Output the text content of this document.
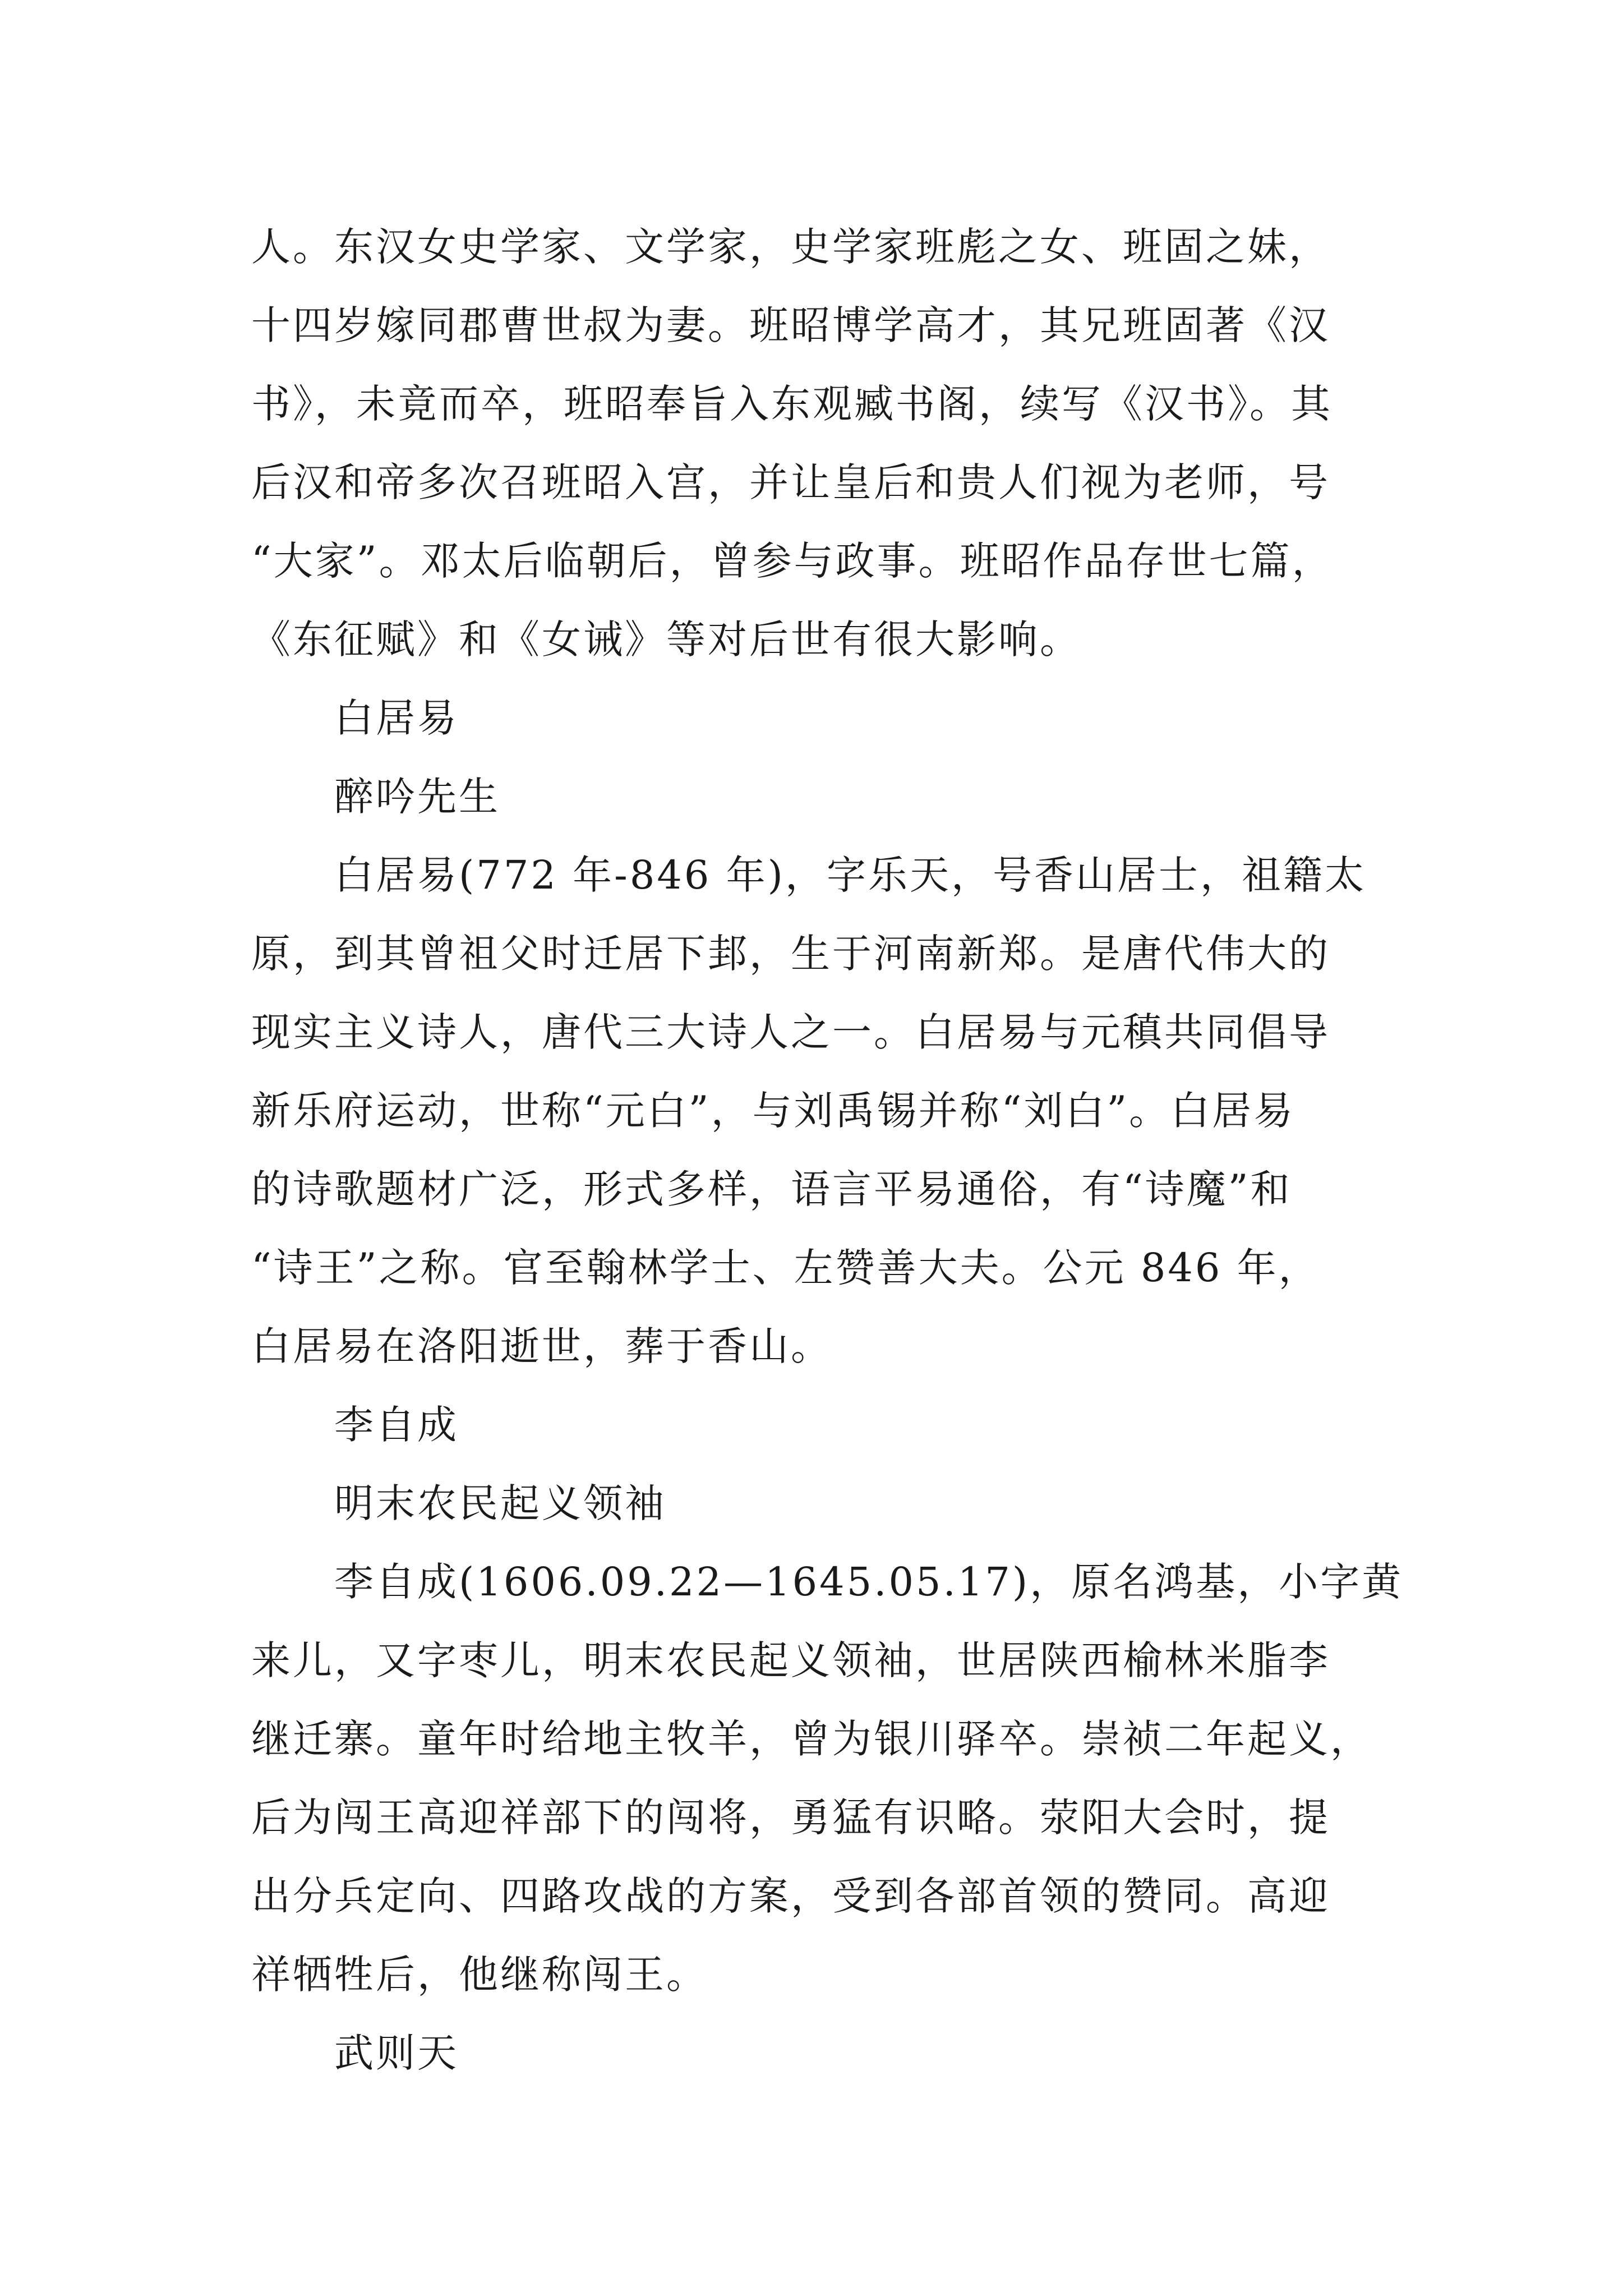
人。东汉女史学家、文学家，史学家班彪之女、班固之妹，
十四岁嫁同郡曹世叔为妻。班昭博学高才，其兄班固著《汉
书》，未竟而卒，班昭奉旨入东观臧书阁，续写《汉书》。其
后汉和帝多次召班昭入宫，并让皇后和贵人们视为老师，号
“大家”。邓太后临朝后，曾参与政事。班昭作品存世七篇，
《东征赋》和《女诫》等对后世有很大影响。
白居易
醉吟先生
白居易(772 年-846 年)，字乐天，号香山居士，祖籍太
原，到其曾祖父时迁居下邽，生于河南新郑。是唐代伟大的
现实主义诗人，唐代三大诗人之一。白居易与元稹共同倡导
新乐府运动，世称“元白”，与刘禹锡并称“刘白”。白居易
的诗歌题材广泛，形式多样，语言平易通俗，有“诗魔”和
“诗王”之称。官至翰林学士、左赞善大夫。公元 846 年，
白居易在洛阳逝世，葬于香山。
李自成
明末农民起义领袖
李自成(1606.09.22—1645.05.17)，原名鸿基，小字黄
来儿，又字枣儿，明末农民起义领袖，世居陕西榆林米脂李
继迁寨。童年时给地主牧羊，曾为银川驿卒。崇祯二年起义，
后为闯王高迎祥部下的闯将，勇猛有识略。荥阳大会时，提
出分兵定向、四路攻战的方案，受到各部首领的赞同。高迎
祥牺牲后，他继称闯王。
武则天
